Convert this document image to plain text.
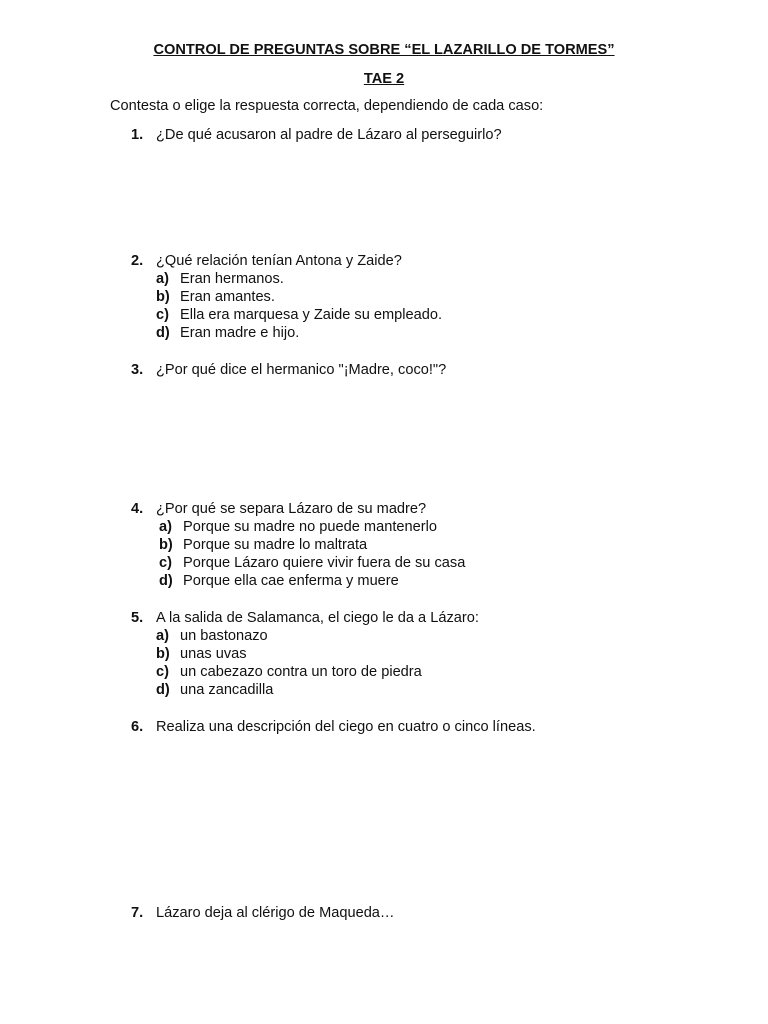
CONTROL DE PREGUNTAS SOBRE “EL LAZARILLO DE TORMES”
TAE 2
Contesta o elige la respuesta correcta, dependiendo de cada caso:
1. ¿De qué acusaron al padre de Lázaro al perseguirlo?
2. ¿Qué relación tenían Antona y Zaide?
a) Eran hermanos.
b) Eran amantes.
c) Ella era marquesa y Zaide su empleado.
d) Eran madre e hijo.
3. ¿Por qué dice el hermanico "¡Madre, coco!"?
4. ¿Por qué se separa Lázaro de su madre?
a) Porque su madre no puede mantenerlo
b) Porque su madre lo maltrata
c) Porque Lázaro quiere vivir fuera de su casa
d) Porque ella cae enferma y muere
5. A la salida de Salamanca, el ciego le da a Lázaro:
a) un bastonazo
b) unas uvas
c) un cabezazo contra un toro de piedra
d) una zancadilla
6. Realiza una descripción del ciego en cuatro o cinco líneas.
7. Lázaro deja al clérigo de Maqueda…
